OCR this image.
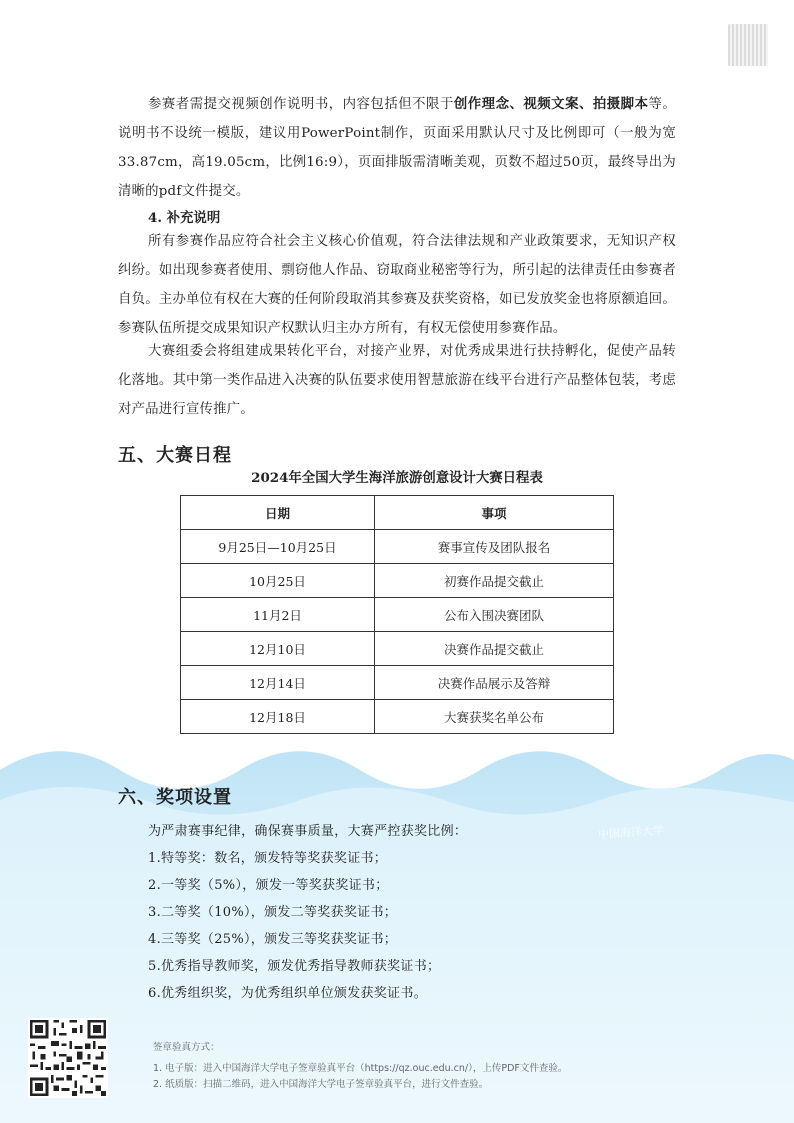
参赛者需提交视频创作说明书，内容包括但不限于创作理念、视频文案、拍摄脚本等。说明书不设统一模版，建议用PowerPoint制作，页面采用默认尺寸及比例即可（一般为宽33.87cm，高19.05cm，比例16:9），页面排版需清晰美观，页数不超过50页，最终导出为清晰的pdf文件提交。

4. 补充说明

所有参赛作品应符合社会主义核心价值观，符合法律法规和产业政策要求，无知识产权纠纷。如出现参赛者使用、剽窃他人作品、窃取商业秘密等行为，所引起的法律责任由参赛者自负。主办单位有权在大赛的任何阶段取消其参赛及获奖资格，如已发放奖金也将原额追回。参赛队伍所提交成果知识产权默认归主办方所有，有权无偿使用参赛作品。

大赛组委会将组建成果转化平台，对接产业界，对优秀成果进行扶持孵化，促使产品转化落地。其中第一类作品进入决赛的队伍要求使用智慧旅游在线平台进行产品整体包装，考虑对产品进行宣传推广。

五、大赛日程

2024年全国大学生海洋旅游创意设计大赛日程表

日期	事项
9月25日—10月25日	赛事宣传及团队报名
10月25日	初赛作品提交截止
11月2日	公布入围决赛团队
12月10日	决赛作品提交截止
12月14日	决赛作品展示及答辩
12月18日	大赛获奖名单公布
六、奖项设置

为严肃赛事纪律，确保赛事质量，大赛严控获奖比例：

1.特等奖：数名，颁发特等奖获奖证书；

2.一等奖（5%），颁发一等奖获奖证书；

3.二等奖（10%），颁发二等奖获奖证书；

4.三等奖（25%），颁发三等奖获奖证书；

5.优秀指导教师奖，颁发优秀指导教师获奖证书；

6.优秀组织奖，为优秀组织单位颁发获奖证书。

中国海洋大学

签章验真方式：

1. 电子版：进入中国海洋大学电子签章验真平台（https://qz.ouc.edu.cn/），上传PDF文件查验。

2. 纸质版：扫描二维码，进入中国海洋大学电子签章验真平台，进行文件查验。
